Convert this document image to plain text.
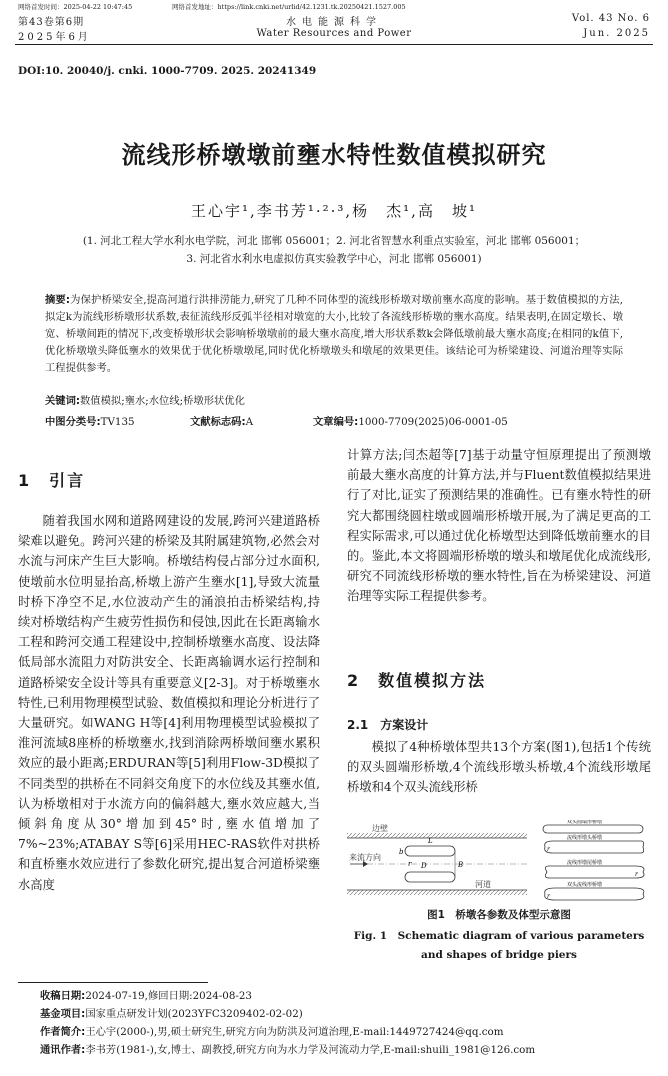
网络首发时间：2025-04-22 10:47:45	网络首发地址：https://link.cnki.net/urlid/42.1231.tk.20250421.1527.005
第43卷第6期	水电能源科学	Vol. 43 No. 6
2025年6月	Water Resources and Power	Jun. 2025
DOI:10. 20040/j. cnki. 1000-7709. 2025. 20241349
流线形桥墩墩前壅水特性数值模拟研究
王心宇¹,李书芳¹·²·³,杨　杰¹,高　坡¹
(1. 河北工程大学水利水电学院，河北 邯郸 056001；2. 河北省智慧水利重点实验室，河北 邯郸 056001；
3. 河北省水利水电虚拟仿真实验教学中心，河北 邯郸 056001)
摘要:为保护桥梁安全,提高河道行洪排涝能力,研究了几种不同体型的流线形桥墩对墩前壅水高度的影响。基于数值模拟的方法,拟定k为流线形桥墩形状系数,表征流线形反弧半径相对墩宽的大小,比较了各流线形桥墩的壅水高度。结果表明,在固定墩长、墩宽、桥墩间距的情况下,改变桥墩形状会影响桥墩墩前的最大壅水高度,增大形状系数k会降低墩前最大壅水高度;在相同的k值下,优化桥墩墩头降低壅水的效果优于优化桥墩墩尾,同时优化桥墩墩头和墩尾的效果更佳。该结论可为桥梁建设、河道治理等实际工程提供参考。
关键词:数值模拟;壅水;水位线;桥墩形状优化
中图分类号:TV135	文献标志码:A	文章编号:1000-7709(2025)06-0001-05
1　引言

随着我国水网和道路网建设的发展,跨河兴建道路桥梁难以避免。跨河兴建的桥梁及其附属建筑物,必然会对水流与河床产生巨大影响。桥墩结构侵占部分过水面积,使墩前水位明显抬高,桥墩上游产生壅水[1],导致大流量时桥下净空不足,水位波动产生的涌浪拍击桥梁结构,持续对桥墩结构产生疲劳性损伤和侵蚀,因此在长距离输水工程和跨河交通工程建设中,控制桥墩壅水高度、设法降低局部水流阻力对防洪安全、长距离输调水运行控制和道路桥梁安全设计等具有重要意义[2-3]。对于桥墩壅水特性,已利用物理模型试验、数值模拟和理论分析进行了大量研究。如WANG H等[4]利用物理模型试验模拟了淮河流域8座桥的桥墩壅水,找到消除两桥墩间壅水累积效应的最小距离;ERDURAN等[5]利用Flow-3D模拟了不同类型的拱桥在不同斜交角度下的水位线及其壅水值,认为桥墩相对于水流方向的偏斜越大,壅水效应越大,当倾斜角度从30°增加到45°时,壅水值增加了7%~23%;ATABAY S等[6]采用HEC-RAS软件对拱桥和直桥壅水效应进行了参数化研究,提出复合河道桥梁壅水高度

计算方法;闫杰超等[7]基于动量守恒原理提出了预测墩前最大壅水高度的计算方法,并与Fluent数值模拟结果进行了对比,证实了预测结果的准确性。已有壅水特性的研究大都围绕圆柱墩或圆端形桥墩开展,为了满足更高的工程实际需求,可以通过优化桥墩型达到降低墩前壅水的目的。鉴此,本文将圆端形桥墩的墩头和墩尾优化成流线形,研究不同流线形桥墩的壅水特性,旨在为桥梁建设、河道治理等实际工程提供参考。

2　数值模拟方法
2.1　方案设计

模拟了4种桥墩体型共13个方案(图1),包括1个传统的双头圆端形桥墩,4个流线形墩头桥墩,4个流线形墩尾桥墩和4个双头流线形桥

边壁
来流方向
河道
L
b
B
D
r
双头圆端形桥墩
流线形墩头桥墩
流线形墩尾桥墩
双头流线形桥墩
r
r
r
图1　桥墩各参数及体型示意图
Fig. 1　Schematic diagram of various parameters
and shapes of bridge piers
收稿日期:2024-07-19,修回日期:2024-08-23
基金项目:国家重点研发计划(2023YFC3209402-02-02)
作者简介:王心宇(2000-),男,硕士研究生,研究方向为防洪及河道治理,E-mail:1449727424@qq.com
通讯作者:李书芳(1981-),女,博士、副教授,研究方向为水力学及河流动力学,E-mail:shuili_1981@126.com
